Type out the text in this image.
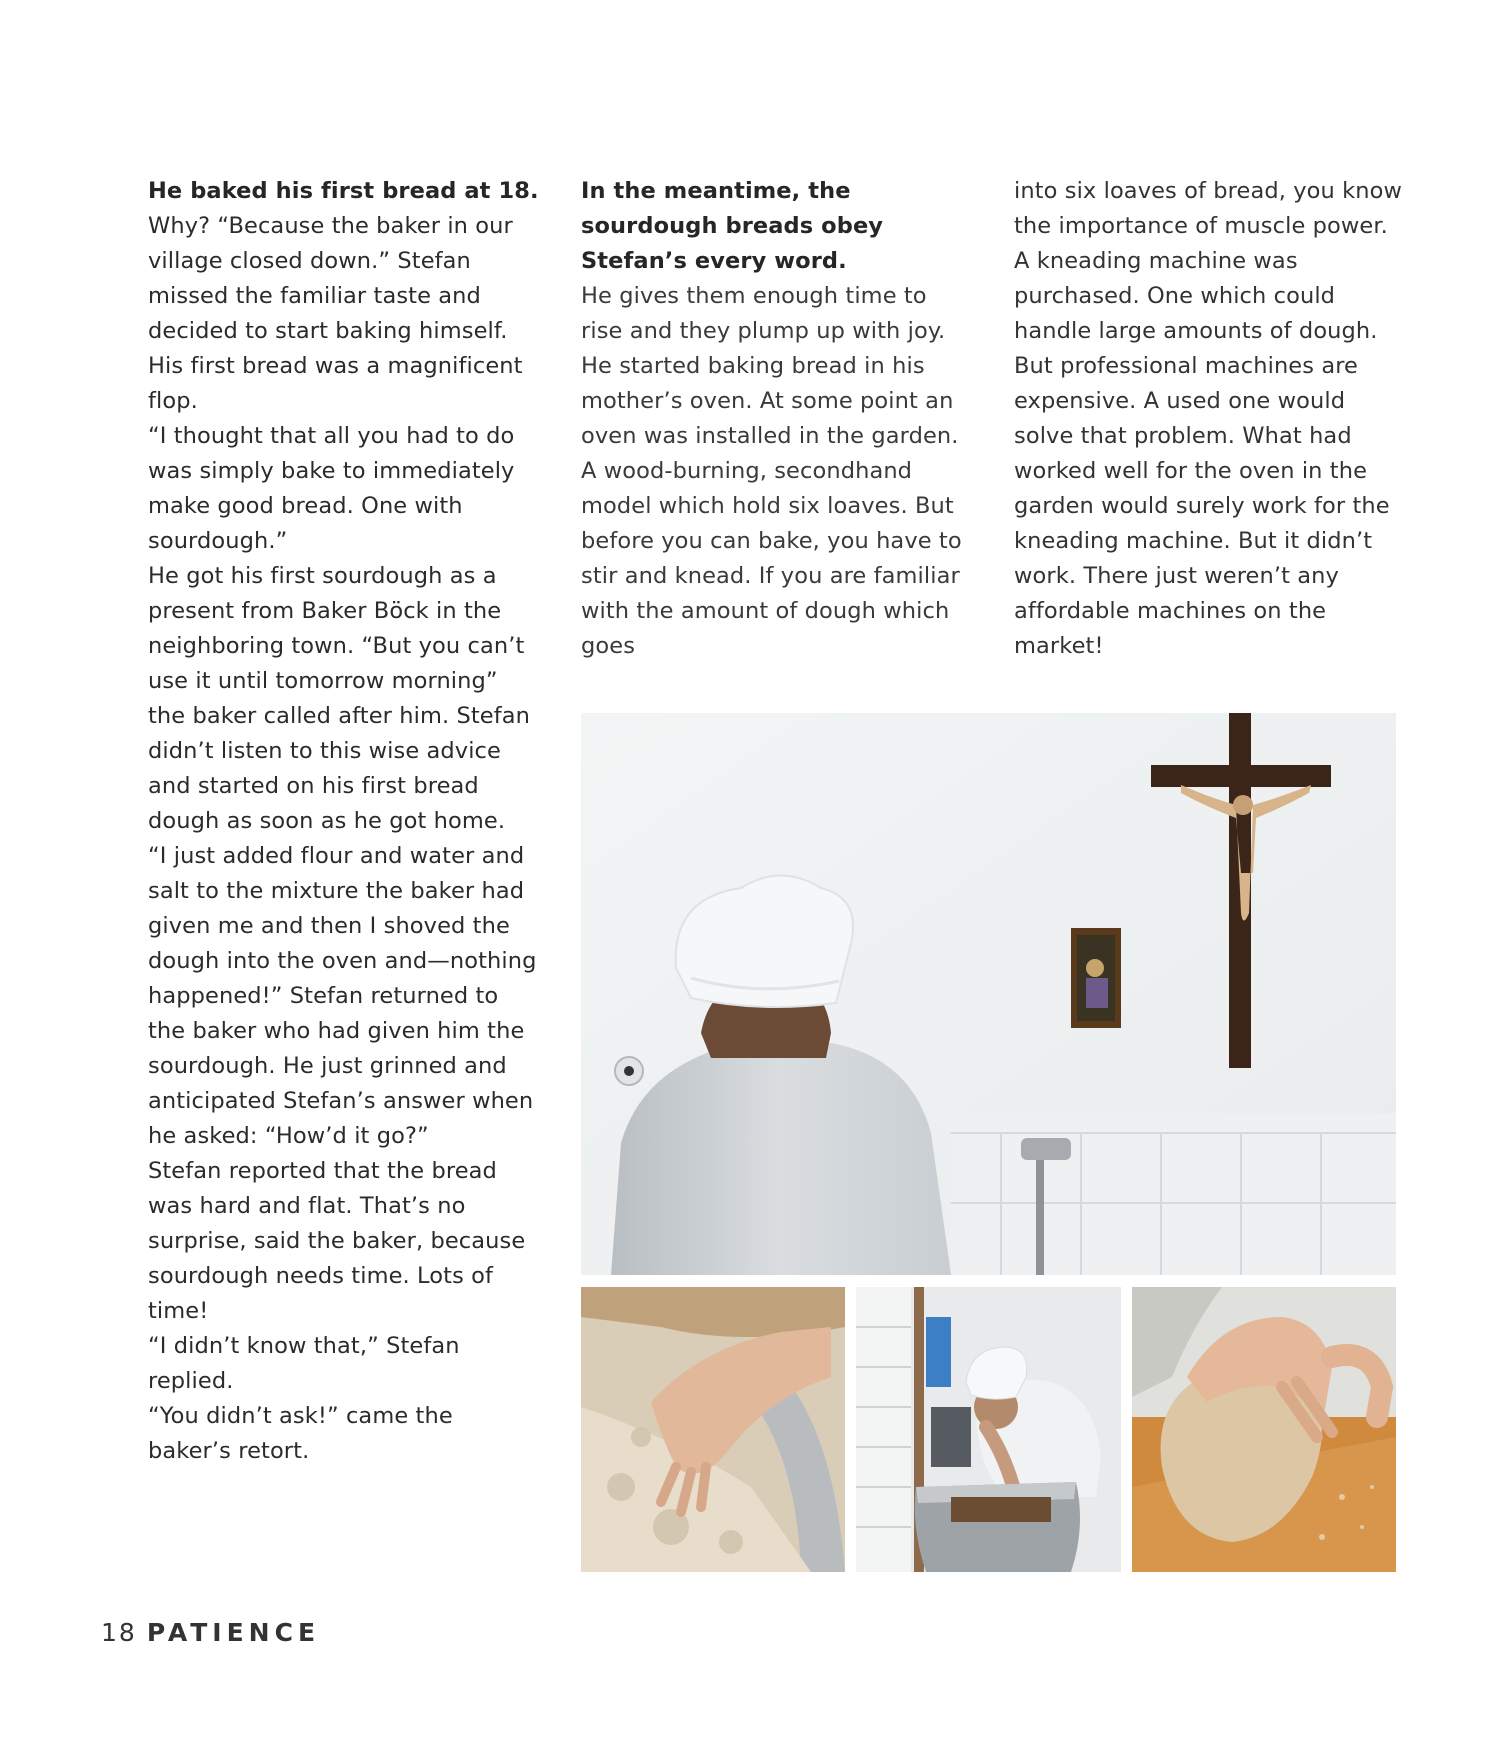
He baked his first bread at 18.

Why? “Because the baker in our village closed down.” Stefan missed the familiar taste and decided to start baking himself. His first bread was a magnificent flop.

“I thought that all you had to do was simply bake to immediately make good bread. One with sourdough.”

He got his first sourdough as a present from Baker Böck in the neighboring town. “But you can’t use it until tomorrow morning” the baker called after him. Stefan didn’t listen to this wise advice and started on his first bread dough as soon as he got home.

“I just added flour and water and salt to the mixture the baker had given me and then I shoved the dough into the oven and—nothing happened!” Stefan returned to the baker who had given him the sourdough. He just grinned and anticipated Stefan’s answer when he asked: “How’d it go?”

Stefan reported that the bread was hard and flat. That’s no surprise, said the baker, because sourdough needs time. Lots of time!

“I didn’t know that,” Stefan replied.

“You didn’t ask!” came the baker’s retort.

In the meantime, the sourdough breads obey Stefan’s every word.

He gives them enough time to rise and they plump up with joy. He started baking bread in his mother’s oven. At some point an oven was installed in the garden. A wood-burning, secondhand model which hold six loaves. But before you can bake, you have to stir and knead. If you are familiar with the amount of dough which goes

into six loaves of bread, you know the importance of muscle power. A kneading machine was purchased. One which could handle large amounts of dough. But professional machines are expensive. A used one would solve that problem. What had worked well for the oven in the garden would surely work for the kneading machine. But it didn’t work. There just weren’t any affordable machines on the market!

18 PATIENCE
